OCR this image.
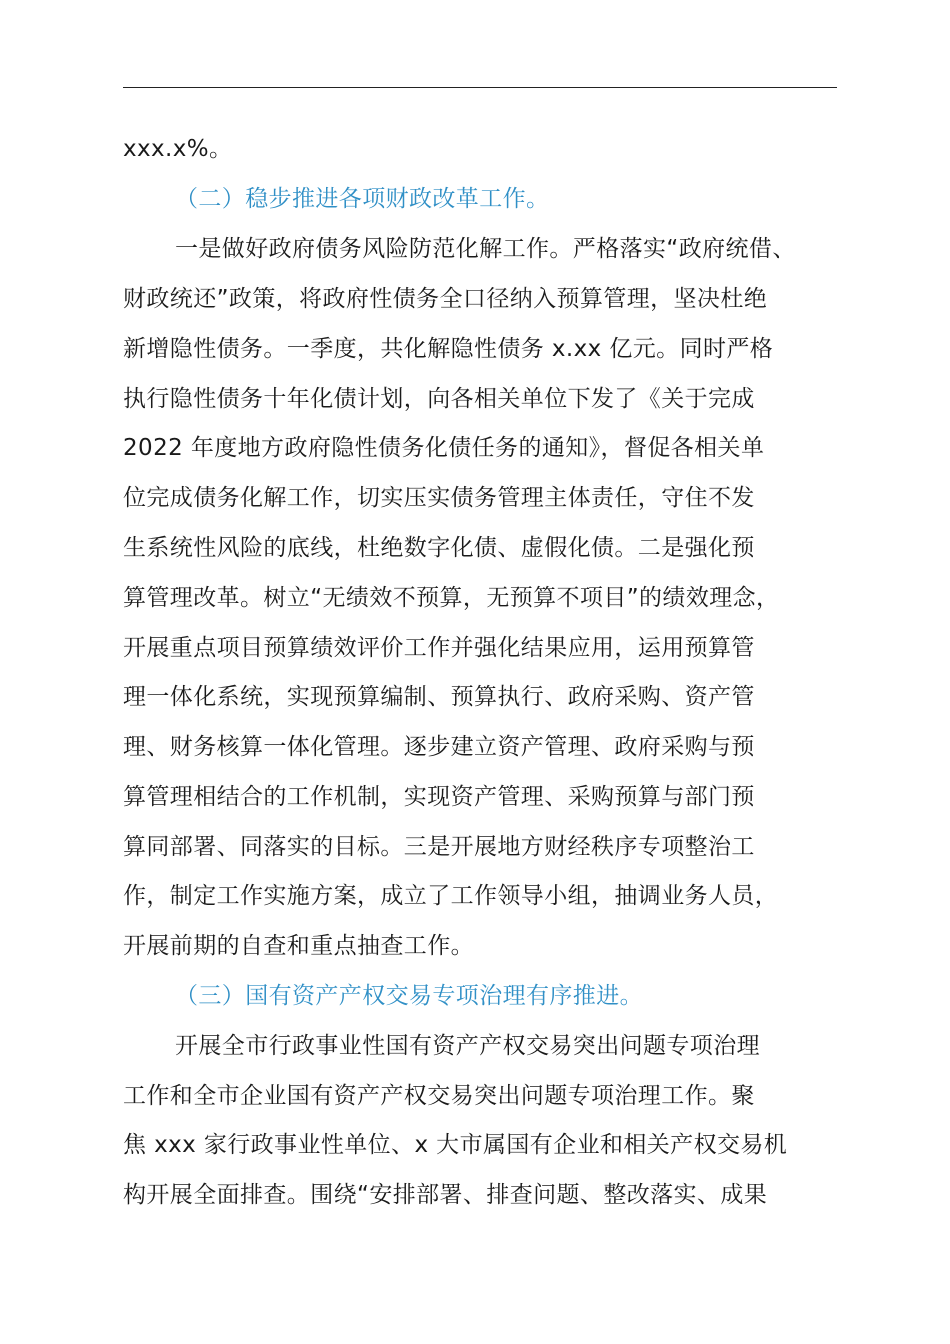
xxx.x%。
（二）稳步推进各项财政改革工作。
一是做好政府债务风险防范化解工作。严格落实“政府统借、
财政统还”政策，将政府性债务全口径纳入预算管理，坚决杜绝
新增隐性债务。一季度，共化解隐性债务 x.xx 亿元。同时严格
执行隐性债务十年化债计划，向各相关单位下发了《关于完成
2022 年度地方政府隐性债务化债任务的通知》，督促各相关单
位完成债务化解工作，切实压实债务管理主体责任，守住不发
生系统性风险的底线，杜绝数字化债、虚假化债。二是强化预
算管理改革。树立“无绩效不预算，无预算不项目”的绩效理念，
开展重点项目预算绩效评价工作并强化结果应用，运用预算管
理一体化系统，实现预算编制、预算执行、政府采购、资产管
理、财务核算一体化管理。逐步建立资产管理、政府采购与预
算管理相结合的工作机制，实现资产管理、采购预算与部门预
算同部署、同落实的目标。三是开展地方财经秩序专项整治工
作，制定工作实施方案，成立了工作领导小组，抽调业务人员，
开展前期的自查和重点抽查工作。
（三）国有资产产权交易专项治理有序推进。
开展全市行政事业性国有资产产权交易突出问题专项治理
工作和全市企业国有资产产权交易突出问题专项治理工作。聚
焦 xxx 家行政事业性单位、x 大市属国有企业和相关产权交易机
构开展全面排查。围绕“安排部署、排查问题、整改落实、成果
